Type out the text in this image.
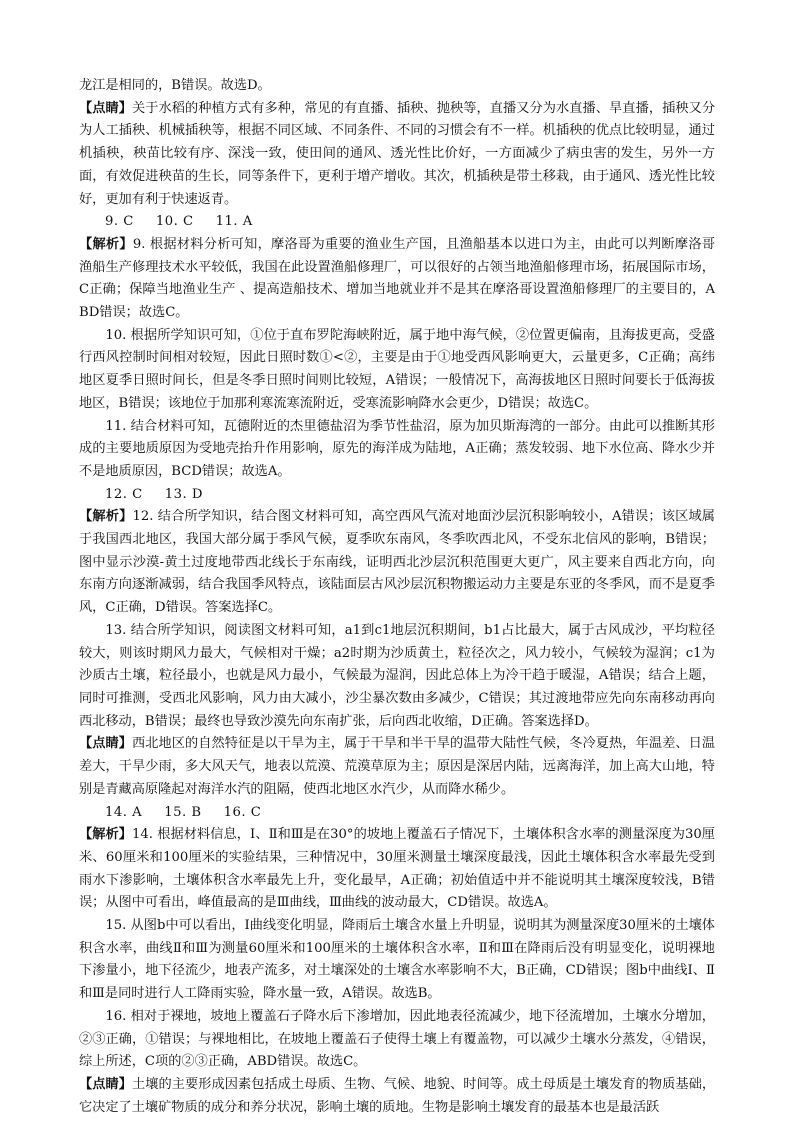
龙江是相同的，B错误。故选D。

【点睛】关于水稻的种植方式有多种，常见的有直播、插秧、抛秧等，直播又分为水直播、旱直播，插秧又分为人工插秧、机械插秧等，根据不同区域、不同条件、不同的习惯会有不一样。机插秧的优点比较明显，通过机插秧，秧苗比较有序、深浅一致，使田间的通风、透光性比价好，一方面减少了病虫害的发生，另外一方面，有效促进秧苗的生长，同等条件下，更利于增产增收。其次，机插秧是带土移栽，由于通风、透光性比较好，更加有利于快速返青。

9. C 10. C 11. A

【解析】9. 根据材料分析可知，摩洛哥为重要的渔业生产国，且渔船基本以进口为主，由此可以判断摩洛哥渔船生产修理技术水平较低，我国在此设置渔船修理厂，可以很好的占领当地渔船修理市场，拓展国际市场，C正确；保障当地渔业生产 、提高造船技术、增加当地就业并不是其在摩洛哥设置渔船修理厂的主要目的，ABD错误；故选C。

10. 根据所学知识可知，①位于直布罗陀海峡附近，属于地中海气候，②位置更偏南，且海拔更高，受盛行西风控制时间相对较短，因此日照时数①<②，主要是由于①地受西风影响更大，云量更多，C正确；高纬地区夏季日照时间长，但是冬季日照时间则比较短，A错误；一般情况下，高海拔地区日照时间要长于低海拔地区，B错误；该地位于加那利寒流寒流附近，受寒流影响降水会更少，D错误；故选C。

11. 结合材料可知，瓦德附近的杰里德盐沼为季节性盐沼，原为加贝斯海湾的一部分。由此可以推断其形成的主要地质原因为受地壳抬升作用影响，原先的海洋成为陆地，A正确；蒸发较弱、地下水位高、降水少并不是地质原因，BCD错误；故选A。

12. C 13. D

【解析】12. 结合所学知识，结合图文材料可知，高空西风气流对地面沙层沉积影响较小，A错误；该区域属于我国西北地区，我国大部分属于季风气候，夏季吹东南风，冬季吹西北风，不受东北信风的影响，B错误；图中显示沙漠-黄土过度地带西北线长于东南线，证明西北沙层沉积范围更大更广，风主要来自西北方向，向东南方向逐渐减弱，结合我国季风特点，该陆面层古风沙层沉积物搬运动力主要是东亚的冬季风，而不是夏季风，C正确，D错误。答案选择C。

13. 结合所学知识，阅读图文材料可知，a1到c1地层沉积期间，b1占比最大，属于古风成沙，平均粒径较大，则该时期风力最大，气候相对干燥；a2时期为沙质黄土，粒径次之，风力较小，气候较为湿润；c1为沙质古土壤，粒径最小，也就是风力最小，气候最为湿润，因此总体上为冷干趋于暖湿，A错误；结合上题，同时可推测，受西北风影响，风力由大减小，沙尘暴次数由多减少，C错误；其过渡地带应先向东南移动再向西北移动，B错误；最终也导致沙漠先向东南扩张，后向西北收缩，D正确。答案选择D。

【点睛】西北地区的自然特征是以干旱为主，属于干旱和半干旱的温带大陆性气候，冬冷夏热，年温差、日温差大，干旱少雨，多大风天气，地表以荒漠、荒漠草原为主；原因是深居内陆，远离海洋，加上高大山地，特别是青藏高原隆起对海洋水汽的阻隔，使西北地区水汽少，从而降水稀少。

14. A 15. B 16. C

【解析】14. 根据材料信息，Ⅰ、Ⅱ和Ⅲ是在30°的坡地上覆盖石子情况下，土壤体积含水率的测量深度为30厘米、60厘米和100厘米的实验结果，三种情况中，30厘米测量土壤深度最浅，因此土壤体积含水率最先受到雨水下渗影响，土壤体积含水率最先上升，变化最早，A正确；初始值适中并不能说明其土壤深度较浅，B错误；从图中可看出，峰值最高的是Ⅲ曲线，Ⅲ曲线的波动最大，CD错误。故选A。

15. 从图b中可以看出，Ⅰ曲线变化明显，降雨后土壤含水量上升明显，说明其为测量深度30厘米的土壤体积含水率，曲线Ⅱ和Ⅲ为测量60厘米和100厘米的土壤体积含水率，Ⅱ和Ⅲ在降雨后没有明显变化，说明裸地下渗量小，地下径流少，地表产流多，对土壤深处的土壤含水率影响不大，B正确，CD错误；图b中曲线Ⅰ、Ⅱ和Ⅲ是同时进行人工降雨实验，降水量一致，A错误。故选B。

16. 相对于裸地，坡地上覆盖石子降水后下渗增加，因此地表径流减少，地下径流增加，土壤水分增加，②③正确，①错误；与裸地相比，在坡地上覆盖石子使得土壤上有覆盖物，可以减少土壤水分蒸发，④错误，综上所述，C项的②③正确，ABD错误。故选C。

【点睛】土壤的主要形成因素包括成土母质、生物、气候、地貌、时间等。成土母质是土壤发育的物质基础，它决定了土壤矿物质的成分和养分状况，影响土壤的质地。生物是影响土壤发育的最基本也是最活跃
